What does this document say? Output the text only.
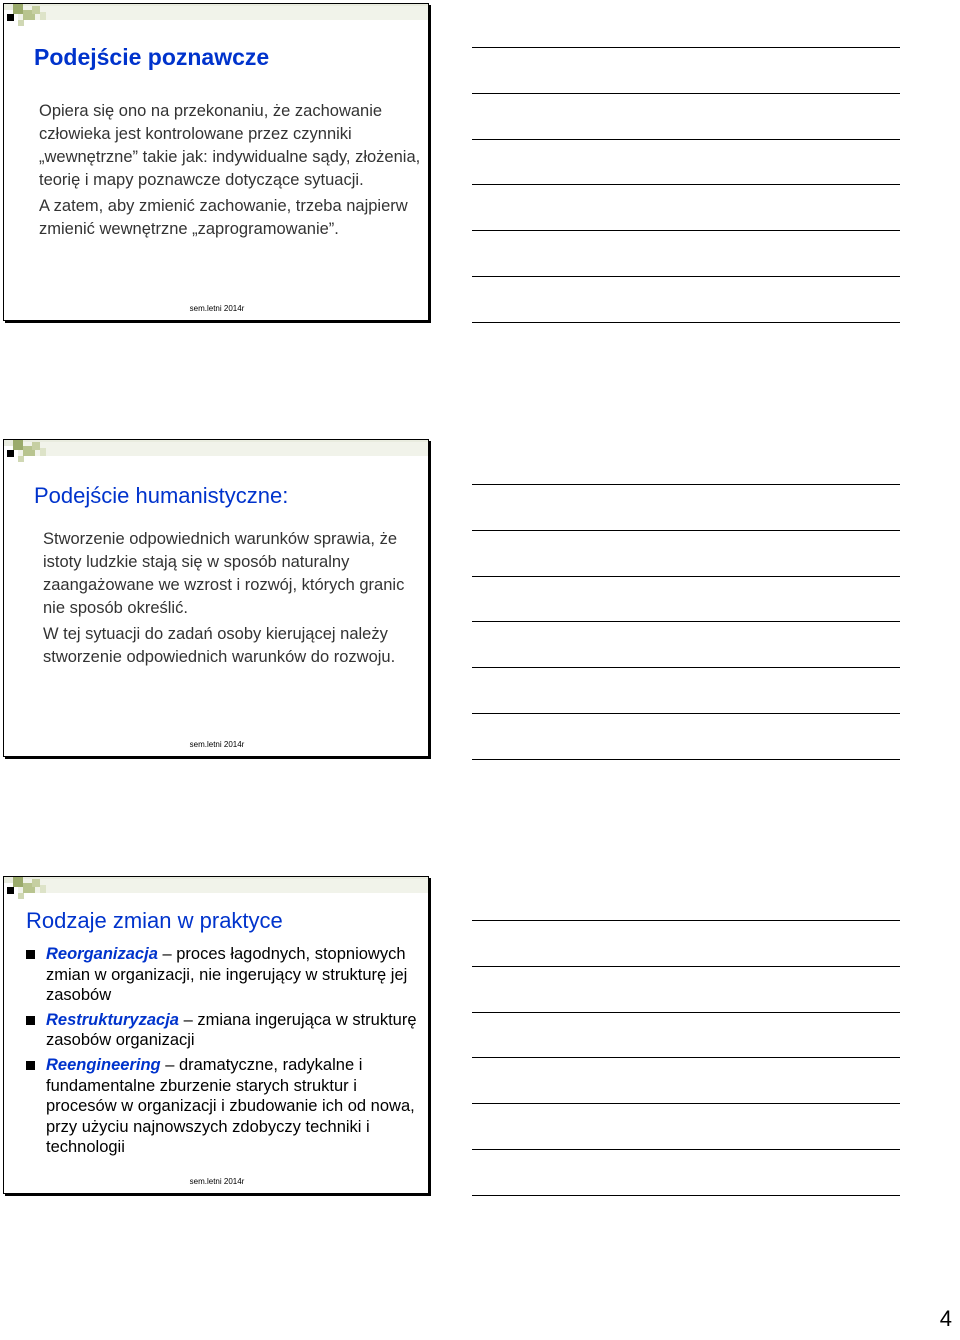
Podejście poznawcze

Opiera się ono na przekonaniu, że zachowanie człowieka jest kontrolowane przez czynniki „wewnętrzne” takie jak: indywidualne sądy, złożenia, teorię i mapy poznawcze dotyczące sytuacji.

A zatem, aby zmienić zachowanie, trzeba najpierw zmienić wewnętrzne „zaprogramowanie”.

sem.letni 2014r
Podejście humanistyczne:

Stworzenie odpowiednich warunków sprawia, że istoty ludzkie stają się w sposób naturalny zaangażowane we wzrost i rozwój, których granic nie sposób określić.

W tej sytuacji do zadań osoby kierującej należy stworzenie odpowiednich warunków do rozwoju.

sem.letni 2014r
Rodzaje zmian w praktyce
Reorganizacja – proces łagodnych, stopniowych zmian w organizacji, nie ingerujący w strukturę jej zasobów
Restrukturyzacja – zmiana ingerująca w strukturę zasobów organizacji
Reengineering – dramatyczne, radykalne i fundamentalne zburzenie starych struktur i procesów w organizacji i zbudowanie ich od nowa, przy użyciu najnowszych zdobyczy techniki i technologii
sem.letni 2014r
4
